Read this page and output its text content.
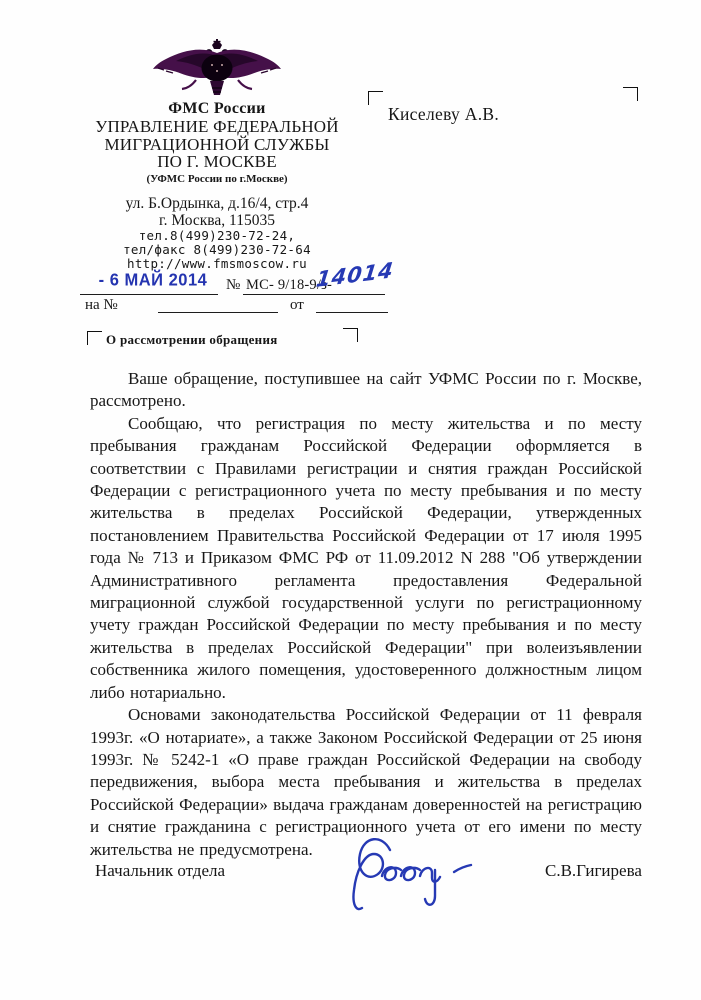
ФМС России
УПРАВЛЕНИЕ ФЕДЕРАЛЬНОЙ
МИГРАЦИОННОЙ СЛУЖБЫ
ПО Г. МОСКВЕ
(УФМС России по г.Москве)
ул. Б.Ордынка, д.16/4, стр.4
г. Москва, 115035
тел.8(499)230-72-24,
тел/факс 8(499)230-72-64
http://www.fmsmoscow.ru
Киселеву А.В.
- 6 МАЙ 2014	№ МС- 9/18-9/з-
14014
на №	от
О рассмотрении обращения

Ваше обращение, поступившее на сайт УФМС России по г. Москве, рассмотрено.

Сообщаю, что регистрация по месту жительства и по месту пребывания гражданам Российской Федерации оформляется в соответствии с Правилами регистрации и снятия граждан Российской Федерации с регистрационного учета по месту пребывания и по месту жительства в пределах Российской Федерации, утвержденных постановлением Правительства Российской Федерации от 17 июля 1995 года № 713 и Приказом ФМС РФ от 11.09.2012 N 288 "Об утверждении Административного регламента предоставления Федеральной миграционной службой государственной услуги по регистрационному учету граждан Российской Федерации по месту пребывания и по месту жительства в пределах Российской Федерации" при волеизъявлении собственника жилого помещения, удостоверенного должностным лицом либо нотариально.

Основами законодательства Российской Федерации от 11 февраля 1993г. «О нотариате», а также Законом Российской Федерации от 25 июня 1993г. № 5242-1 «О праве граждан Российской Федерации на свободу передвижения, выбора места пребывания и жительства в пределах Российской Федерации» выдача гражданам доверенностей на регистрацию и снятие гражданина с регистрационного учета от его имени по месту жительства не предусмотрена.

Начальник отдела	С.В.Гигирева
